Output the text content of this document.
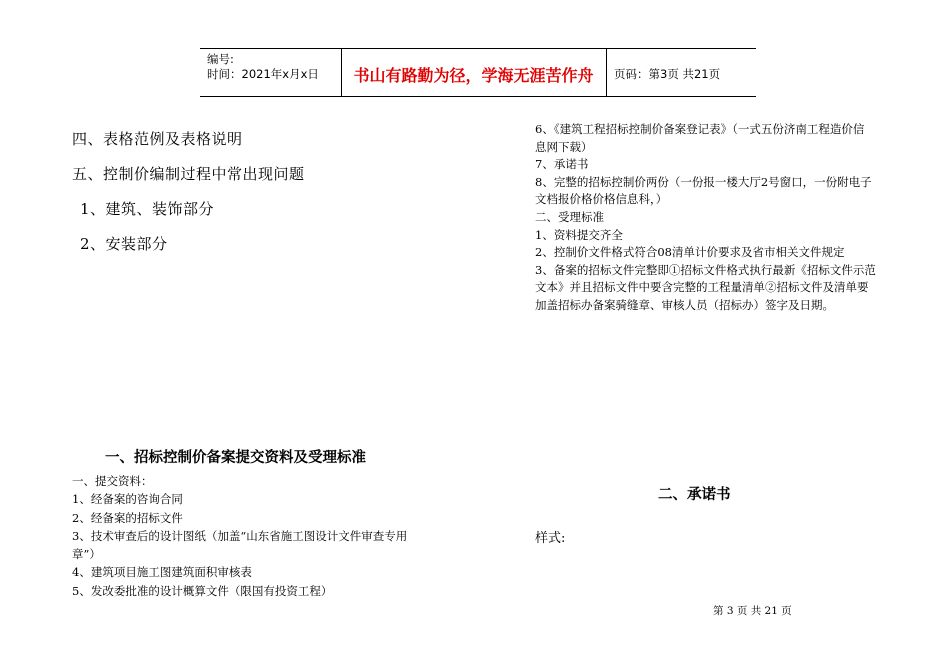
编号:
时间：2021年x月x日	书山有路勤为径，学海无涯苦作舟	页码：第3页 共21页
四、表格范例及表格说明
五、控制价编制过程中常出现问题
1、建筑、装饰部分
2、安装部分
6、《建筑工程招标控制价备案登记表》（一式五份济南工程造价信
息网下载）
7、承诺书
8、完整的招标控制价两份（一份报一楼大厅2号窗口，一份附电子
文档报价格价格信息科，）
二、受理标准
1、资料提交齐全
2、控制价文件格式符合08清单计价要求及省市相关文件规定
3、备案的招标文件完整即①招标文件格式执行最新《招标文件示范
文本》并且招标文件中要含完整的工程量清单②招标文件及清单要
加盖招标办备案骑缝章、审核人员（招标办）签字及日期。
一、招标控制价备案提交资料及受理标准
一、提交资料：
1、经备案的咨询合同
2、经备案的招标文件
3、技术审查后的设计图纸（加盖“山东省施工图设计文件审查专用
章”）
4、建筑项目施工图建筑面积审核表
5、发改委批准的设计概算文件（限国有投资工程）
二、承诺书
样式:
第 3 页 共 21 页
